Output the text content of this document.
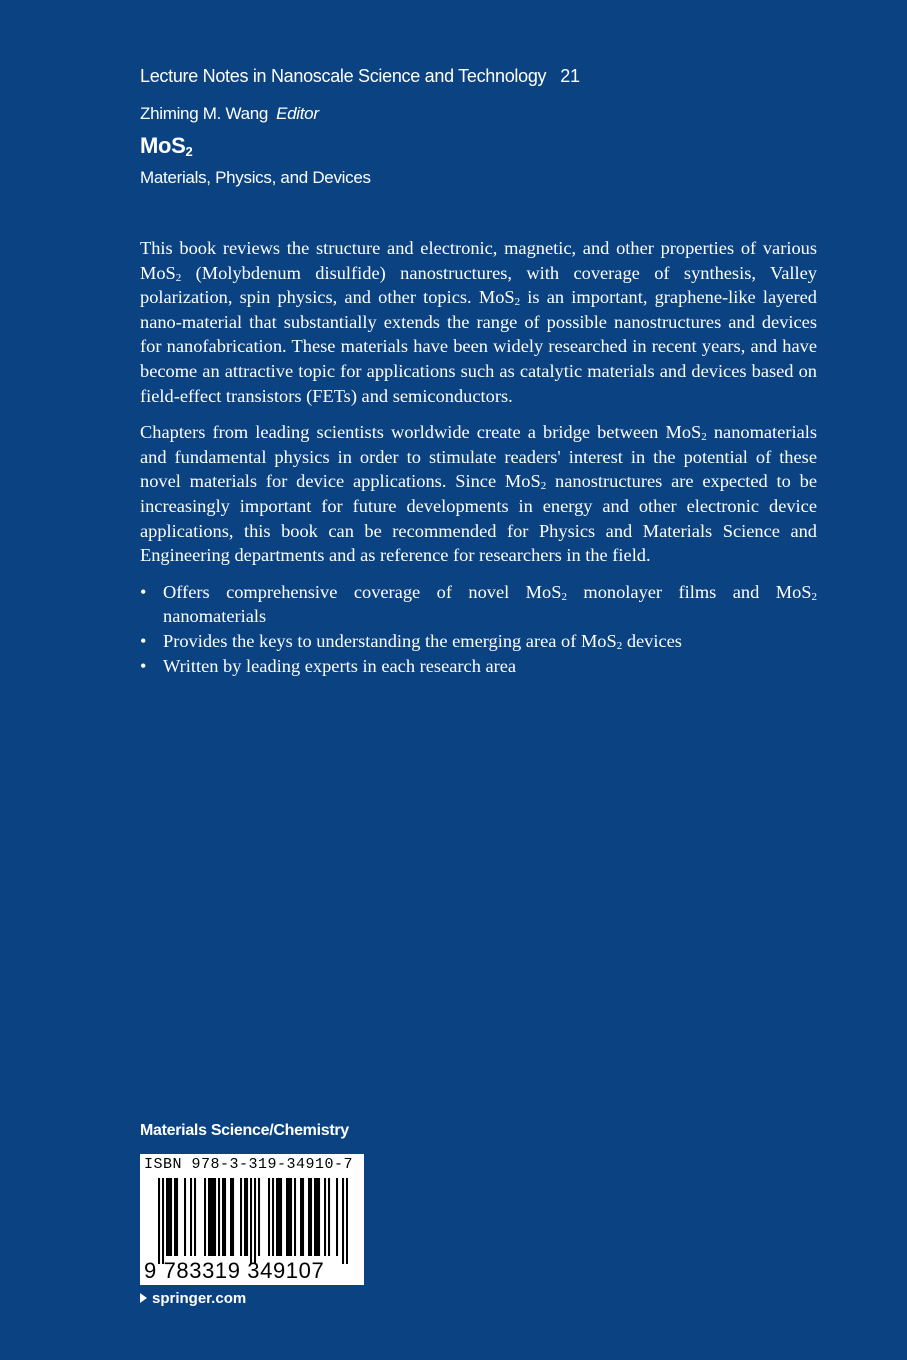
Lecture Notes in Nanoscale Science and Technology 21
Zhiming M. Wang Editor
MoS$_2$
Materials, Physics, and Devices

This book reviews the structure and electronic, magnetic, and other properties of various MoS$_2$ (Molybdenum disulfide) nanostructures, with coverage of synthesis, Valley polarization, spin physics, and other topics. MoS$_2$ is an important, graphene-like layered nano-material that substantially extends the range of possible nanostructures and devices for nanofabrication. These materials have been widely researched in recent years, and have become an attractive topic for applications such as catalytic materials and devices based on field-effect transistors (FETs) and semiconductors.

Chapters from leading scientists worldwide create a bridge between MoS$_2$ nanomaterials and fundamental physics in order to stimulate readers' interest in the potential of these novel materials for device applications. Since MoS$_2$ nanostructures are expected to be increasingly important for future developments in energy and other electronic device applications, this book can be recommended for Physics and Materials Science and Engineering departments and as reference for researchers in the field.

• Offers comprehensive coverage of novel MoS$_2$ monolayer films and MoS$_2$ nanomaterials
• Provides the keys to understanding the emerging area of MoS$_2$ devices
• Written by leading experts in each research area
Materials Science/Chemistry
ISBN 978-3-319-34910-7
9 783319 349107
springer.com
